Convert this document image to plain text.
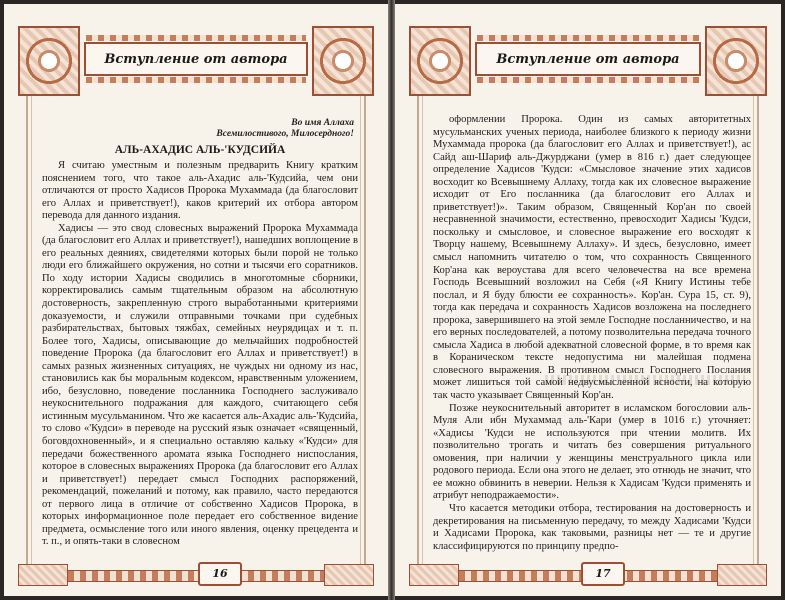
Вступление от автора
Во имя Аллаха
Всемилостивого, Милосердного!
АЛЬ-АХАДИС АЛЬ-'КУДСИЙА

Я считаю уместным и полезным предварить Книгу кратким пояснением того, что такое аль-Ахадис аль-'Кудсийа, чем они отличаются от просто Хадисов Пророка Мухаммада (да благословит его Аллах и приветствует!), каков критерий их отбора автором перевода для данного издания.

Хадисы — это свод словесных выражений Пророка Мухаммада (да благословит его Аллах и приветствует!), нашедших воплощение в его реальных деяниях, свидетелями которых были порой не только люди его ближайшего окружения, но сотни и тысячи его соратников. По ходу истории Хадисы сводились в многотомные сборники, корректировались самым тщательным образом на абсолютную достоверность, закрепленную строго выработанными критериями доказуемости, и служили отправными точками при судебных разбирательствах, бытовых тяжбах, семейных неурядицах и т. п. Более того, Хадисы, описывающие до мельчайших подробностей поведение Пророка (да благословит его Аллах и приветствует!) в самых разных жизненных ситуациях, не чуждых ни одному из нас, становились как бы моральным кодексом, нравственным уложением, ибо, безусловно, поведение посланника Господнего заслуживало неукоснительного подражания для каждого, считающего себя истинным мусульманином. Что же касается аль-Ахадис аль-'Кудсийа, то слово «'Кудси» в переводе на русский язык означает «священный, боговдохновенный», и я специально оставляю кальку «'Кудси» для передачи божественного аромата языка Господнего ниспослания, которое в словесных выражениях Пророка (да благословит его Аллах и приветствует!) передает смысл Господних распоряжений, рекомендаций, пожеланий и потому, как правило, часто передаются от первого лица в отличие от собственно Хадисов Пророка, в которых информационное поле передает его собственное видение предмета, осмысление того или иного явления, оценку прецедента и т. п., и опять-таки в словесном

16
Вступление от автора

оформлении Пророка. Один из самых авторитетных мусульманских ученых периода, наиболее близкого к периоду жизни Мухаммада пророка (да благословит его Аллах и приветствует!), ас Сайд аш-Шариф аль-Джурджани (умер в 816 г.) дает следующее определение Хадисов 'Кудси: «Смысловое значение этих хадисов восходит ко Всевышнему Аллаху, тогда как их словесное выражение исходит от Его посланника (да благословит его Аллах и приветствует!)». Таким образом, Священный Кор'ан по своей несравненной значимости, естественно, превосходит Хадисы 'Кудси, поскольку и смысловое, и словесное выражение его восходят к Творцу нашему, Всевышнему Аллаху». И здесь, безусловно, имеет смысл напомнить читателю о том, что сохранность Священного Кор'ана как вероустава для всего человечества на все времена Господь Всевышний возложил на Себя («Я Книгу Истины тебе послал, и Я буду блюсти ее сохранность». Кор'ан. Сура 15, ст. 9), тогда как передача и сохранность Хадисов возложена на последнего пророка, завершившего на этой земле Господне посланничество, и на его верных последователей, а потому позволительна передача точного смысла Хадиса в любой адекватной словесной форме, в то время как в Кораническом тексте недопустима ни малейшая подмена словесного выражения. В противном смысл Господнего Послания может лишиться той самой недвусмысленной ясности, на которую так часто указывает Священный Кор'ан.

Позже неукоснительный авторитет в исламском богословии аль-Муля Али ибн Мухаммад аль-'Кари (умер в 1016 г.) уточняет: «Хадисы 'Кудси не используются при чтении молитв. Их позволительно трогать и читать без совершения ритуального омовения, при наличии у женщины менструального цикла или родового периода. Если она этого не делает, это отнюдь не значит, что ее можно обвинить в неверии. Нельзя к Хадисам 'Кудси применять и атрибут неподражаемости».

Что касается методики отбора, тестирования на достоверность и декретирования на письменную передачу, то между Хадисами 'Кудси и Хадисами Пророка, как таковыми, разницы нет — те и другие классифицируются по принципу предпо-

17
